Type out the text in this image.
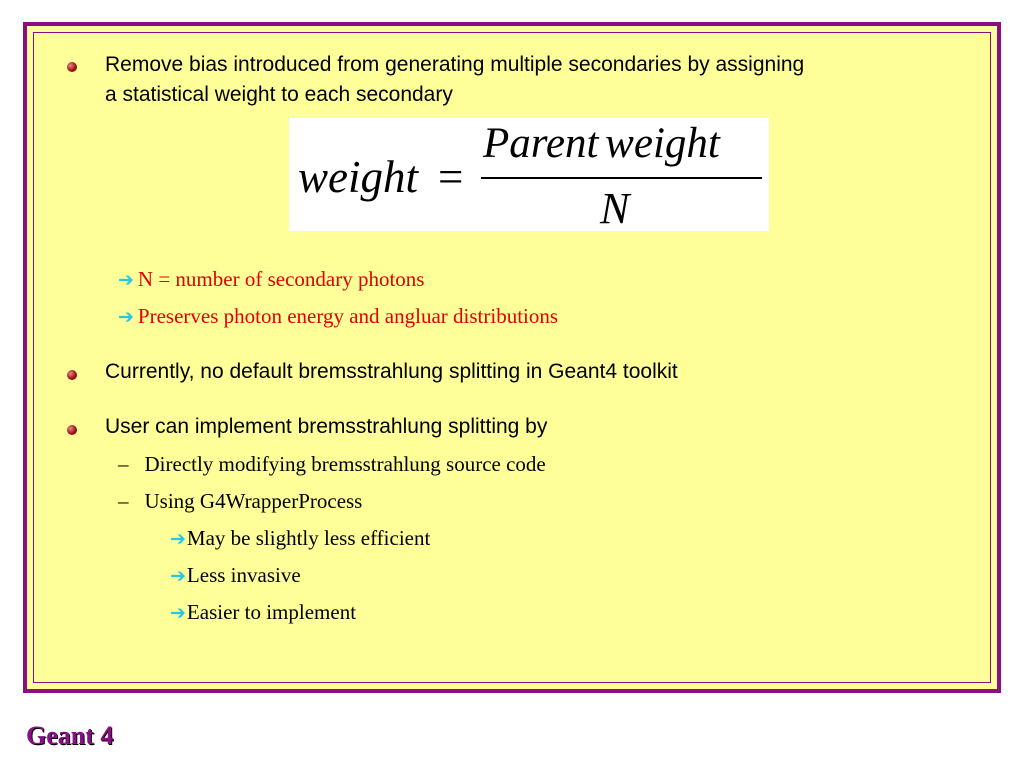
Remove bias introduced from generating multiple secondaries by assigning
a statistical weight to each secondary
weight =
Parent weight
N
➔ N = number of secondary photons
➔ Preserves photon energy and angluar distributions
Currently, no default bremsstrahlung splitting in Geant4 toolkit
User can implement bremsstrahlung splitting by
– Directly modifying bremsstrahlung source code
– Using G4WrapperProcess
➔May be slightly less efficient
➔Less invasive
➔Easier to implement
Geant 4
